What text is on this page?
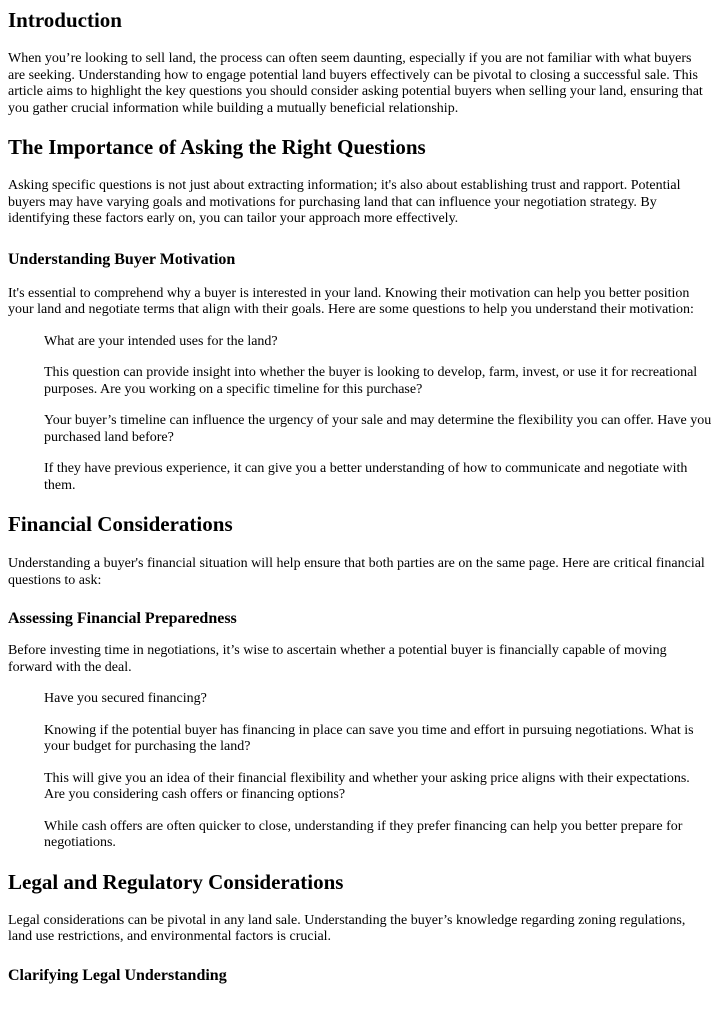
Introduction

When you’re looking to sell land, the process can often seem daunting, especially if you are not familiar with what buyers are seeking. Understanding how to engage potential land buyers effectively can be pivotal to closing a successful sale. This article aims to highlight the key questions you should consider asking potential buyers when selling your land, ensuring that you gather crucial information while building a mutually beneficial relationship.

The Importance of Asking the Right Questions

Asking specific questions is not just about extracting information; it's also about establishing trust and rapport. Potential buyers may have varying goals and motivations for purchasing land that can influence your negotiation strategy. By identifying these factors early on, you can tailor your approach more effectively.

Understanding Buyer Motivation

It's essential to comprehend why a buyer is interested in your land. Knowing their motivation can help you better position your land and negotiate terms that align with their goals. Here are some questions to help you understand their motivation:

What are your intended uses for the land?

This question can provide insight into whether the buyer is looking to develop, farm, invest, or use it for recreational purposes. Are you working on a specific timeline for this purchase?

Your buyer’s timeline can influence the urgency of your sale and may determine the flexibility you can offer. Have you purchased land before?

If they have previous experience, it can give you a better understanding of how to communicate and negotiate with them.

Financial Considerations

Understanding a buyer's financial situation will help ensure that both parties are on the same page. Here are critical financial questions to ask:

Assessing Financial Preparedness

Before investing time in negotiations, it’s wise to ascertain whether a potential buyer is financially capable of moving forward with the deal.

Have you secured financing?

Knowing if the potential buyer has financing in place can save you time and effort in pursuing negotiations. What is your budget for purchasing the land?

This will give you an idea of their financial flexibility and whether your asking price aligns with their expectations. Are you considering cash offers or financing options?

While cash offers are often quicker to close, understanding if they prefer financing can help you better prepare for negotiations.

Legal and Regulatory Considerations

Legal considerations can be pivotal in any land sale. Understanding the buyer’s knowledge regarding zoning regulations, land use restrictions, and environmental factors is crucial.

Clarifying Legal Understanding
